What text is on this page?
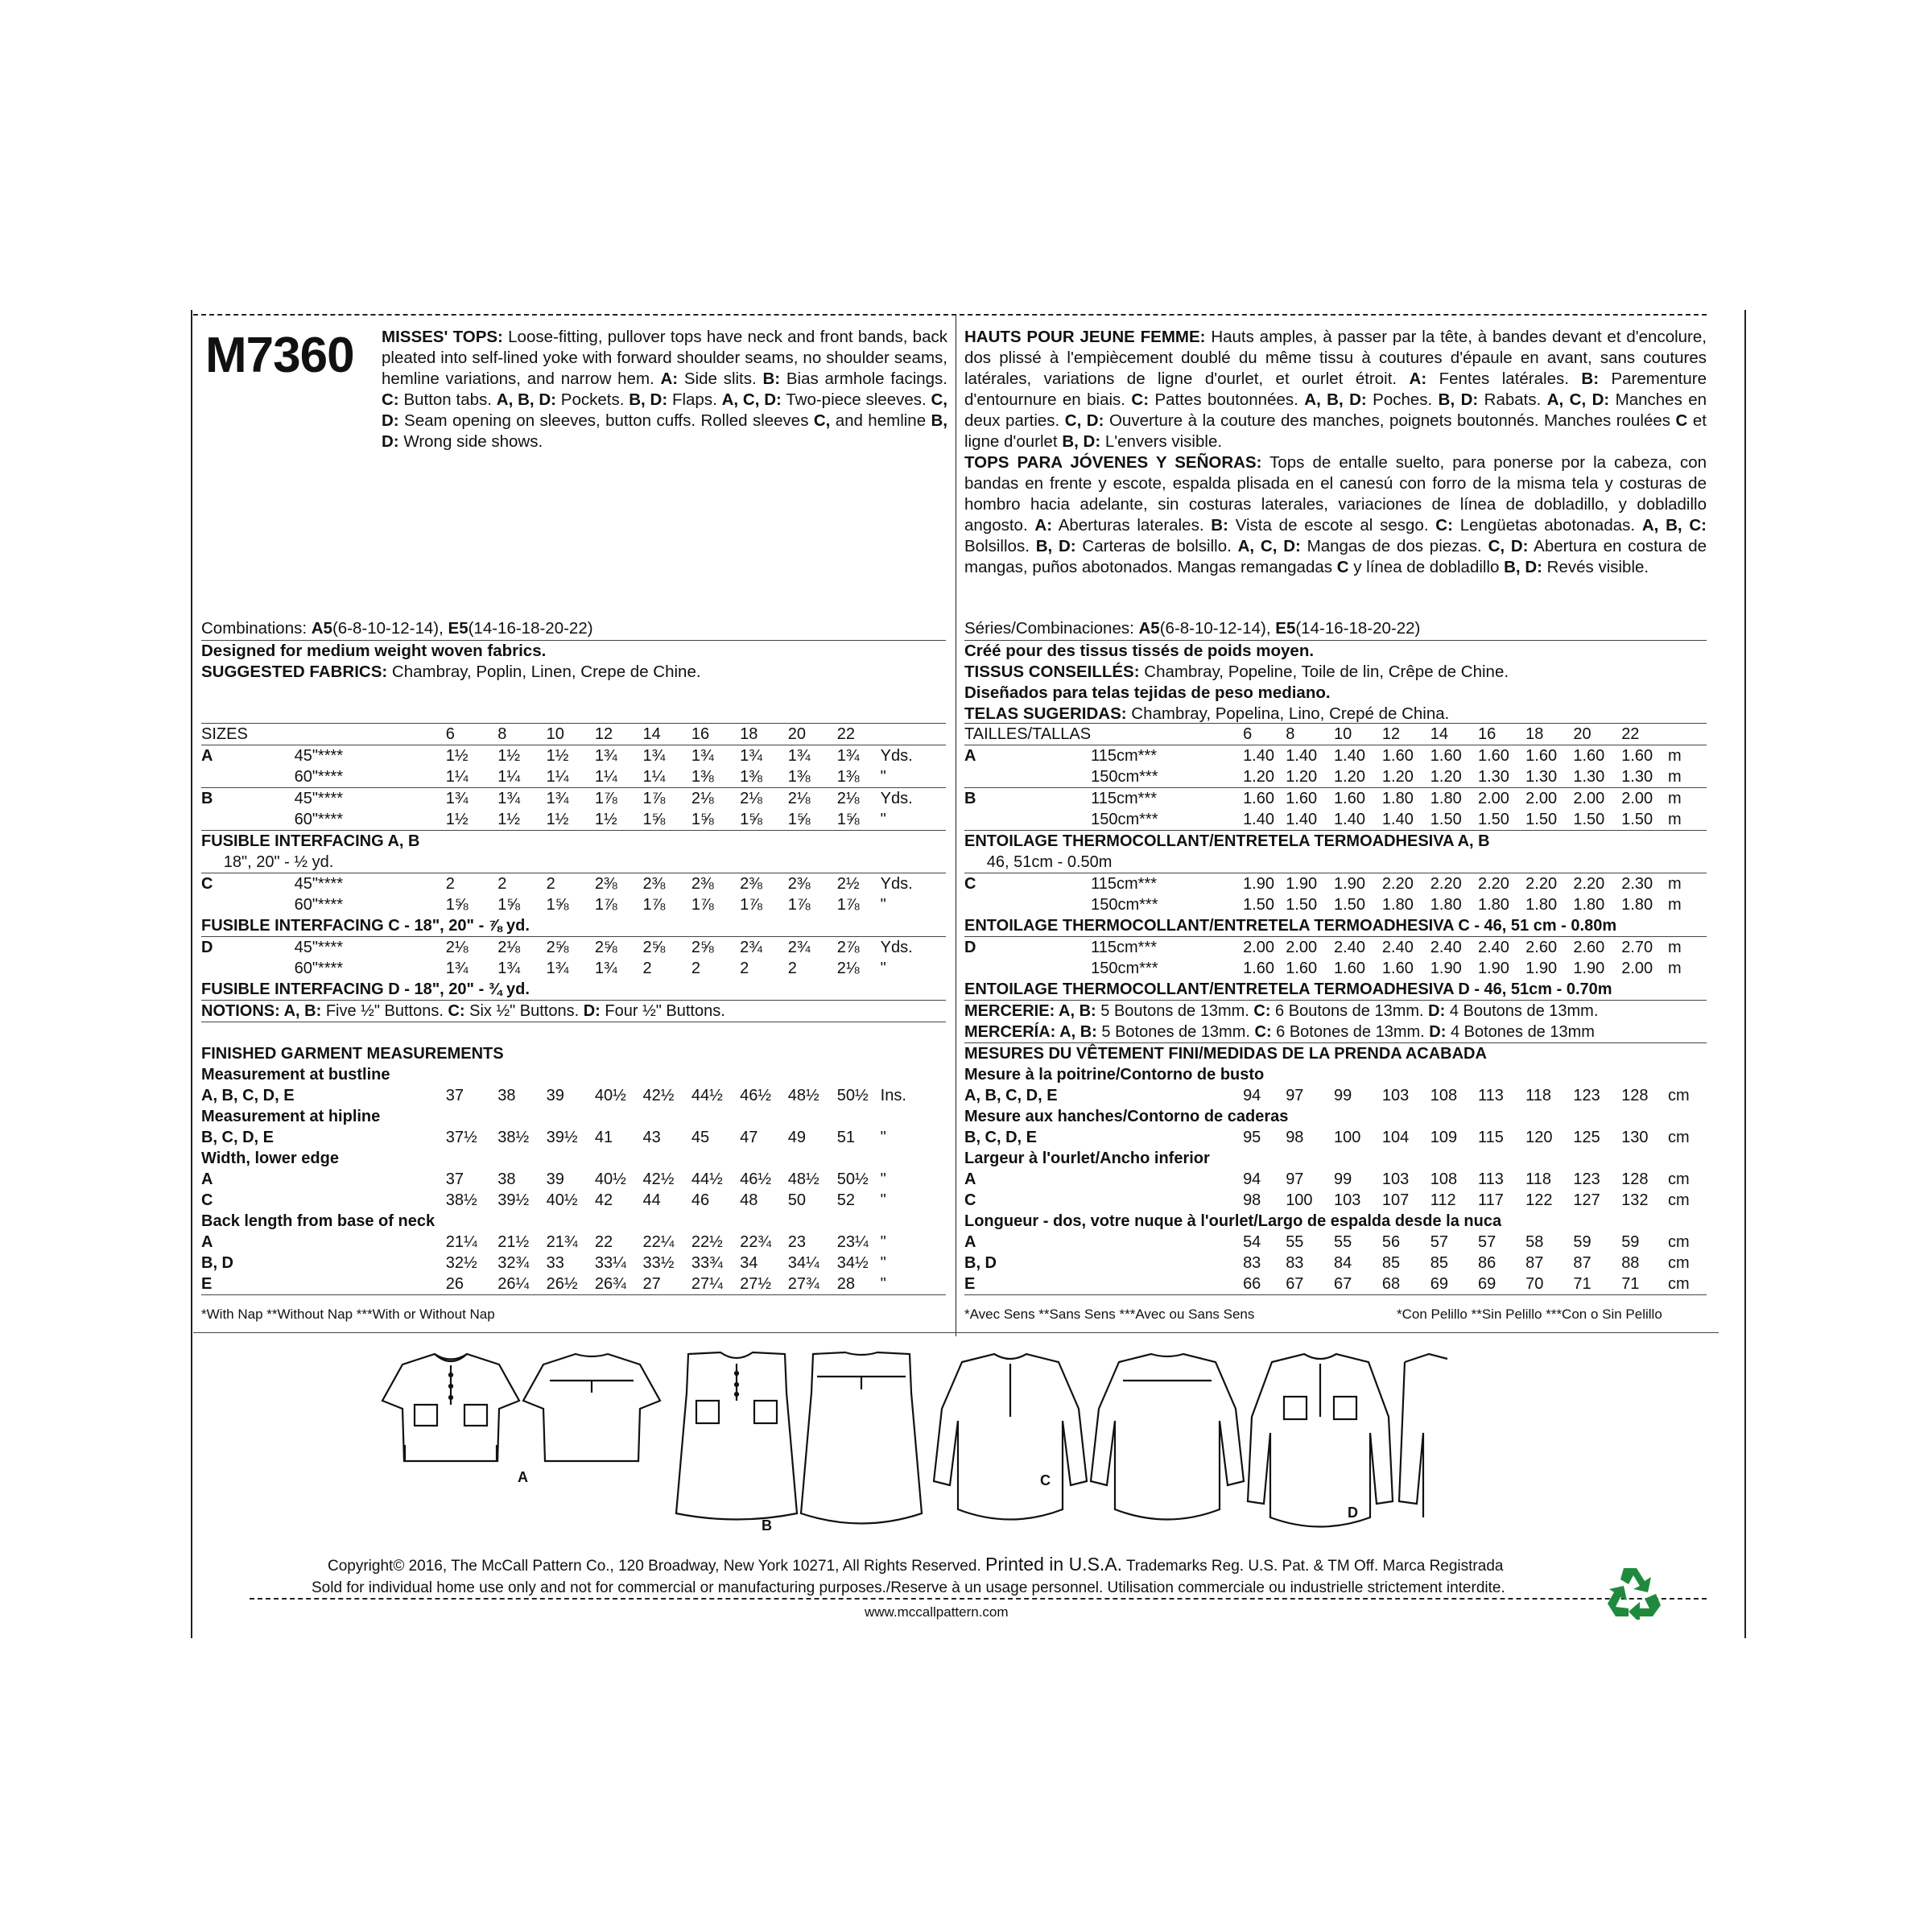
M7360 MISSES' TOPS: Loose-fitting, pullover tops have neck and front bands, back pleated into self-lined yoke with forward shoulder seams, no shoulder seams, hemline variations, and narrow hem. A: Side slits. B: Bias armhole facings. C: Button tabs. A, B, D: Pockets. B, D: Flaps. A, C, D: Two-piece sleeves. C, D: Seam opening on sleeves, button cuffs. Rolled sleeves C, and hemline B, D: Wrong side shows.
HAUTS POUR JEUNE FEMME: Hauts amples, à passer par la tête, à bandes devant et d'encolure, dos plissé à l'empiècement doublé du même tissu à coutures d'épaule en avant, sans coutures latérales, variations de ligne d'ourlet, et ourlet étroit. A: Fentes latérales. B: Parementure d'entournure en biais. C: Pattes boutonnées. A, B, D: Poches. B, D: Rabats. A, C, D: Manches en deux parties. C, D: Ouverture à la couture des manches, poignets boutonnés. Manches roulées C et ligne d'ourlet B, D: L'envers visible.
TOPS PARA JÓVENES Y SEÑORAS: Tops de entalle suelto, para ponerse por la cabeza, con bandas en frente y escote, espalda plisada en el canesú con forro de la misma tela y costuras de hombro hacia adelante, sin costuras laterales, variaciones de línea de dobladillo, y dobladillo angosto. A: Aberturas laterales. B: Vista de escote al sesgo. C: Lengüetas abotonadas. A, B, C: Bolsillos. B, D: Carteras de bolsillo. A, C, D: Mangas de dos piezas. C, D: Abertura en costura de mangas, puños abotonados. Mangas remangadas C y línea de dobladillo B, D: Revés visible.
Combinations: A5(6-8-10-12-14), E5(14-16-18-20-22)
Designed for medium weight woven fabrics.
SUGGESTED FABRICS: Chambray, Poplin, Linen, Crepe de Chine.
Séries/Combinaciones: A5(6-8-10-12-14), E5(14-16-18-20-22)
Créé pour des tissus tissés de poids moyen.
TISSUS CONSEILLÉS: Chambray, Popeline, Toile de lin, Crêpe de Chine.
Diseñados para telas tejidas de peso mediano.
TELAS SUGERIDAS: Chambray, Popelina, Lino, Crepé de China.
SIZES		6	8	10	12	14	16	18	20	22	
A	45"****	1½	1½	1½	1¾	1¾	1¾	1¾	1¾	1¾	Yds.
	60"****	1¼	1¼	1¼	1¼	1¼	1⅜	1⅜	1⅜	1⅜	"
B	45"****	1¾	1¾	1¾	1⅞	1⅞	2⅛	2⅛	2⅛	2⅛	Yds.
	60"****	1½	1½	1½	1½	1⅝	1⅝	1⅝	1⅝	1⅝	"
FUSIBLE INTERFACING A, B											
18", 20" - ½ yd.											
C	45"****	2	2	2	2⅜	2⅜	2⅜	2⅜	2⅜	2½	Yds.
	60"****	1⅝	1⅝	1⅝	1⅞	1⅞	1⅞	1⅞	1⅞	1⅞	"
FUSIBLE INTERFACING C - 18", 20" - ⅞ yd.											
D	45"****	2⅛	2⅛	2⅝	2⅝	2⅝	2⅝	2¾	2¾	2⅞	Yds.
	60"****	1¾	1¾	1¾	1¾	2	2	2	2	2⅛	"
FUSIBLE INTERFACING D - 18", 20" - ¾ yd.											
NOTIONS: A, B: Five ½" Buttons. C: Six ½" Buttons. D: Four ½" Buttons.											

FINISHED GARMENT MEASUREMENTS											
Measurement at bustline											
A, B, C, D, E		37	38	39	40½	42½	44½	46½	48½	50½	Ins.
Measurement at hipline											
B, C, D, E		37½	38½	39½	41	43	45	47	49	51	"
Width, lower edge											
A		37	38	39	40½	42½	44½	46½	48½	50½	"
C		38½	39½	40½	42	44	46	48	50	52	"
Back length from base of neck											
A		21¼	21½	21¾	22	22¼	22½	22¾	23	23¼	"
B, D		32½	32¾	33	33¼	33½	33¾	34	34¼	34½	"
E		26	26¼	26½	26¾	27	27¼	27½	27¾	28	"
TAILLES/TALLAS		6	8	10	12	14	16	18	20	22	
A	115cm***	1.40	1.40	1.40	1.60	1.60	1.60	1.60	1.60	1.60	m
	150cm***	1.20	1.20	1.20	1.20	1.20	1.30	1.30	1.30	1.30	m
B	115cm***	1.60	1.60	1.60	1.80	1.80	2.00	2.00	2.00	2.00	m
	150cm***	1.40	1.40	1.40	1.40	1.50	1.50	1.50	1.50	1.50	m
ENTOILAGE THERMOCOLLANT/ENTRETELA TERMOADHESIVA A, B											
46, 51cm - 0.50m											
C	115cm***	1.90	1.90	1.90	2.20	2.20	2.20	2.20	2.20	2.30	m
	150cm***	1.50	1.50	1.50	1.80	1.80	1.80	1.80	1.80	1.80	m
ENTOILAGE THERMOCOLLANT/ENTRETELA TERMOADHESIVA C - 46, 51 cm - 0.80m											
D	115cm***	2.00	2.00	2.40	2.40	2.40	2.40	2.60	2.60	2.70	m
	150cm***	1.60	1.60	1.60	1.60	1.90	1.90	1.90	1.90	2.00	m
ENTOILAGE THERMOCOLLANT/ENTRETELA TERMOADHESIVA D - 46, 51cm - 0.70m											
MERCERIE: A, B: 5 Boutons de 13mm. C: 6 Boutons de 13mm. D: 4 Boutons de 13mm.											
MERCERÍA: A, B: 5 Botones de 13mm. C: 6 Botones de 13mm. D: 4 Botones de 13mm											
MESURES DU VÊTEMENT FINI/MEDIDAS DE LA PRENDA ACABADA											
Mesure à la poitrine/Contorno de busto											
A, B, C, D, E		94	97	99	103	108	113	118	123	128	cm
Mesure aux hanches/Contorno de caderas											
B, C, D, E		95	98	100	104	109	115	120	125	130	cm
Largeur à l'ourlet/Ancho inferior											
A		94	97	99	103	108	113	118	123	128	cm
C		98	100	103	107	112	117	122	127	132	cm
Longueur - dos, votre nuque à l'ourlet/Largo de espalda desde la nuca											
A		54	55	55	56	57	57	58	59	59	cm
B, D		83	83	84	85	85	86	87	87	88	cm
E		66	67	67	68	69	69	70	71	71	cm
*With Nap **Without Nap ***With or Without Nap	*Avec Sens **Sans Sens ***Avec ou Sans Sens	*Con Pelillo **Sin Pelillo ***Con o Sin Pelillo
A
B
C
D
Copyright© 2016, The McCall Pattern Co., 120 Broadway, New York 10271, All Rights Reserved. Printed in U.S.A. Trademarks Reg. U.S. Pat. & TM Off. Marca Registrada
Sold for individual home use only and not for commercial or manufacturing purposes./Reserve à un usage personnel. Utilisation commerciale ou industrielle strictement interdite.
www.mccallpattern.com
